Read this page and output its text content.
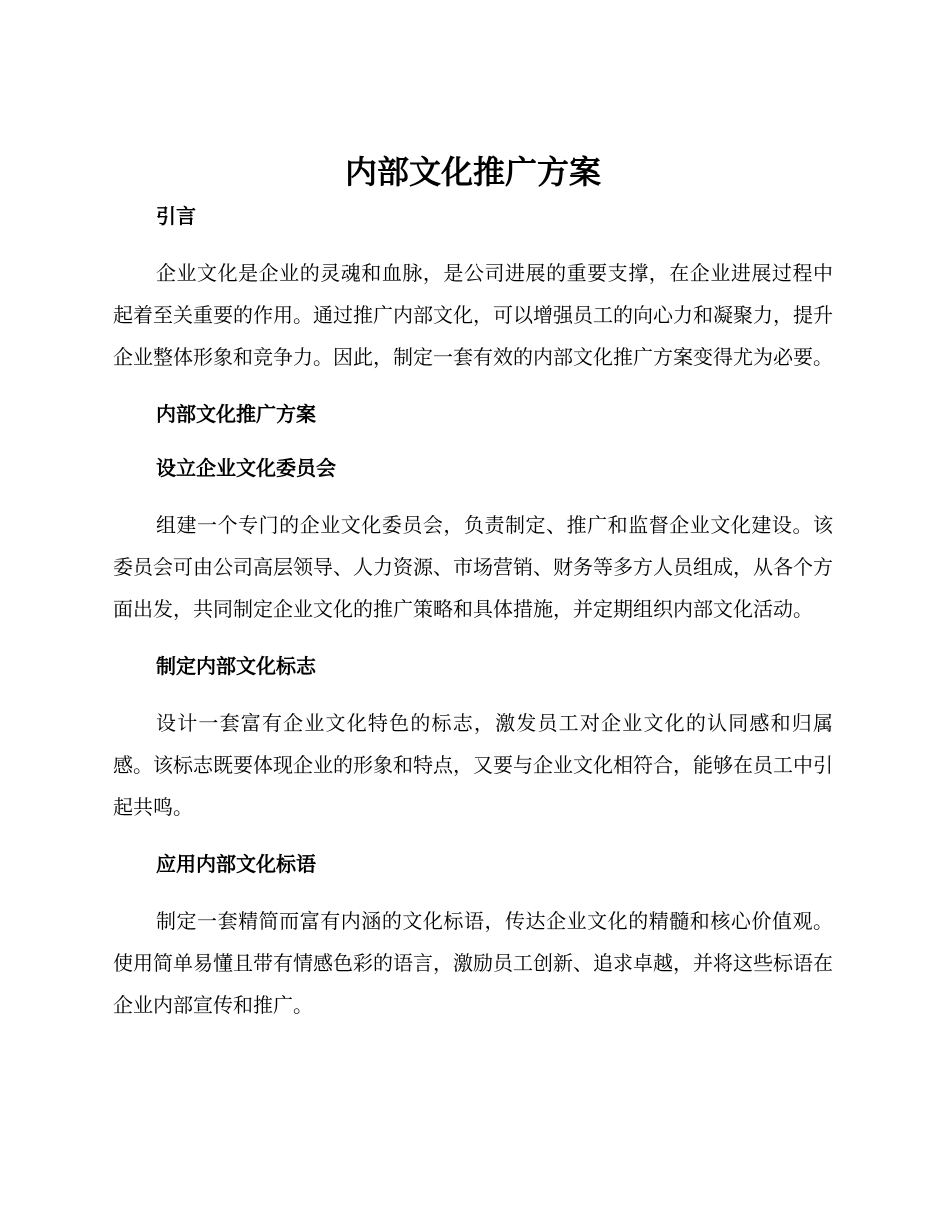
内部文化推广方案
引言

企业文化是企业的灵魂和血脉，是公司进展的重要支撑，在企业进展过程中起着至关重要的作用。通过推广内部文化，可以增强员工的向心力和凝聚力，提升企业整体形象和竞争力。因此，制定一套有效的内部文化推广方案变得尤为必要。

内部文化推广方案
设立企业文化委员会

组建一个专门的企业文化委员会，负责制定、推广和监督企业文化建设。该委员会可由公司高层领导、人力资源、市场营销、财务等多方人员组成，从各个方面出发，共同制定企业文化的推广策略和具体措施，并定期组织内部文化活动。

制定内部文化标志

设计一套富有企业文化特色的标志，激发员工对企业文化的认同感和归属感。该标志既要体现企业的形象和特点，又要与企业文化相符合，能够在员工中引起共鸣。

应用内部文化标语

制定一套精简而富有内涵的文化标语，传达企业文化的精髓和核心价值观。使用简单易懂且带有情感色彩的语言，激励员工创新、追求卓越，并将这些标语在企业内部宣传和推广。
